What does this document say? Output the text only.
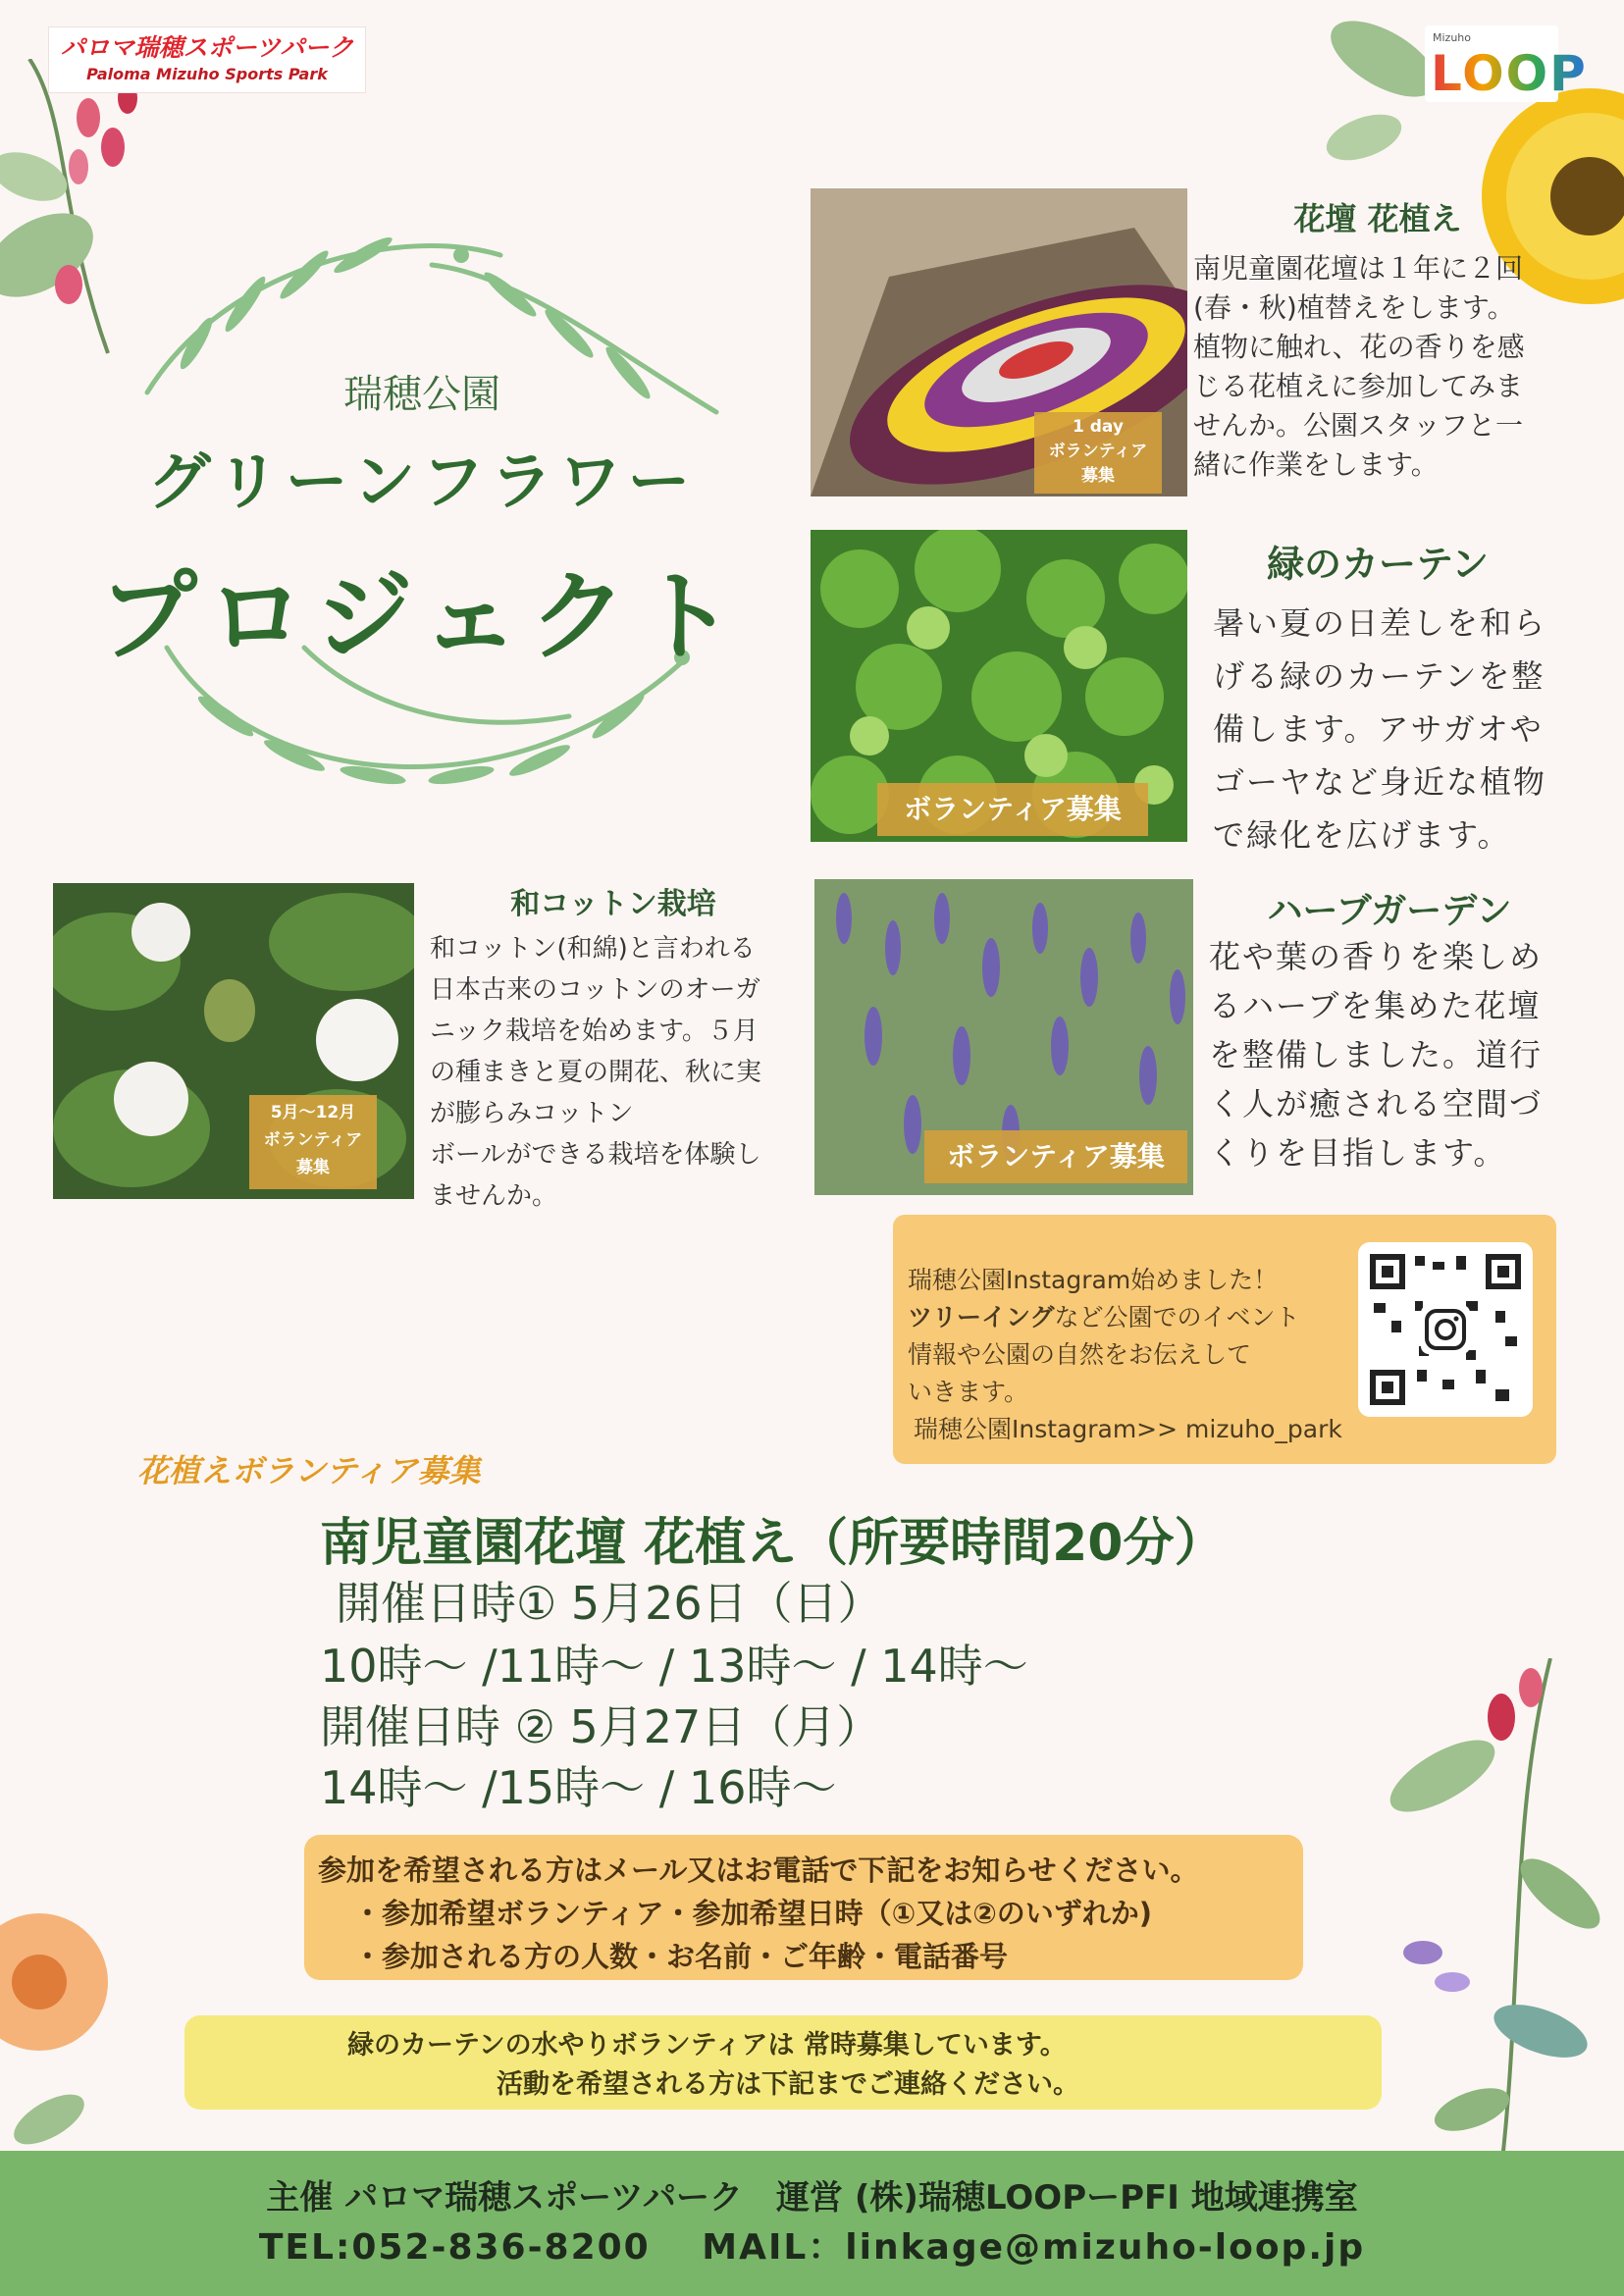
パロマ瑞穂スポーツパーク
Paloma Mizuho Sports Park
Mizuho
LOOP
瑞穂公園
グリーンフラワー
プロジェクト
1 day
ボランティア
募集
花壇 花植え
南児童園花壇は１年に２回
(春・秋)植替えをします。
植物に触れ、花の香りを感
じる花植えに参加してみま
せんか。公園スタッフと一
緒に作業をします。
ボランティア募集
緑のカーテン
暑い夏の日差しを和ら
げる緑のカーテンを整
備します。アサガオや
ゴーヤなど身近な植物
で緑化を広げます。
5月〜12月
ボランティア
募集
和コットン栽培
和コットン(和綿)と言われる
日本古来のコットンのオーガ
ニック栽培を始めます。５月
の種まきと夏の開花、秋に実
が膨らみコットン
ボールができる栽培を体験し
ませんか。
ボランティア募集
ハーブガーデン
花や葉の香りを楽しめ
るハーブを集めた花壇
を整備しました。道行
く人が癒される空間づ
くりを目指します。
瑞穂公園Instagram始めました！
ツリーイングなど公園でのイベント
情報や公園の自然をお伝えして
いきます。
瑞穂公園Instagram>> mizuho_park
花植えボランティア募集
南児童園花壇 花植え（所要時間20分）
開催日時① 5月26日（日）
10時〜 /11時〜 / 13時〜 / 14時〜
開催日時 ② 5月27日（月）
14時〜 /15時〜 / 16時〜
参加を希望される方はメール又はお電話で下記をお知らせください。
・参加希望ボランティア・参加希望日時（①又は②のいずれか)
・参加される方の人数・お名前・ご年齢・電話番号
緑のカーテンの水やりボランティアは 常時募集しています。
活動を希望される方は下記までご連絡ください。
主催 パロマ瑞穂スポーツパーク　運営 (株)瑞穂LOOPーPFI 地域連携室
TEL:052-836-8200　 MAIL：linkage@mizuho-loop.jp
